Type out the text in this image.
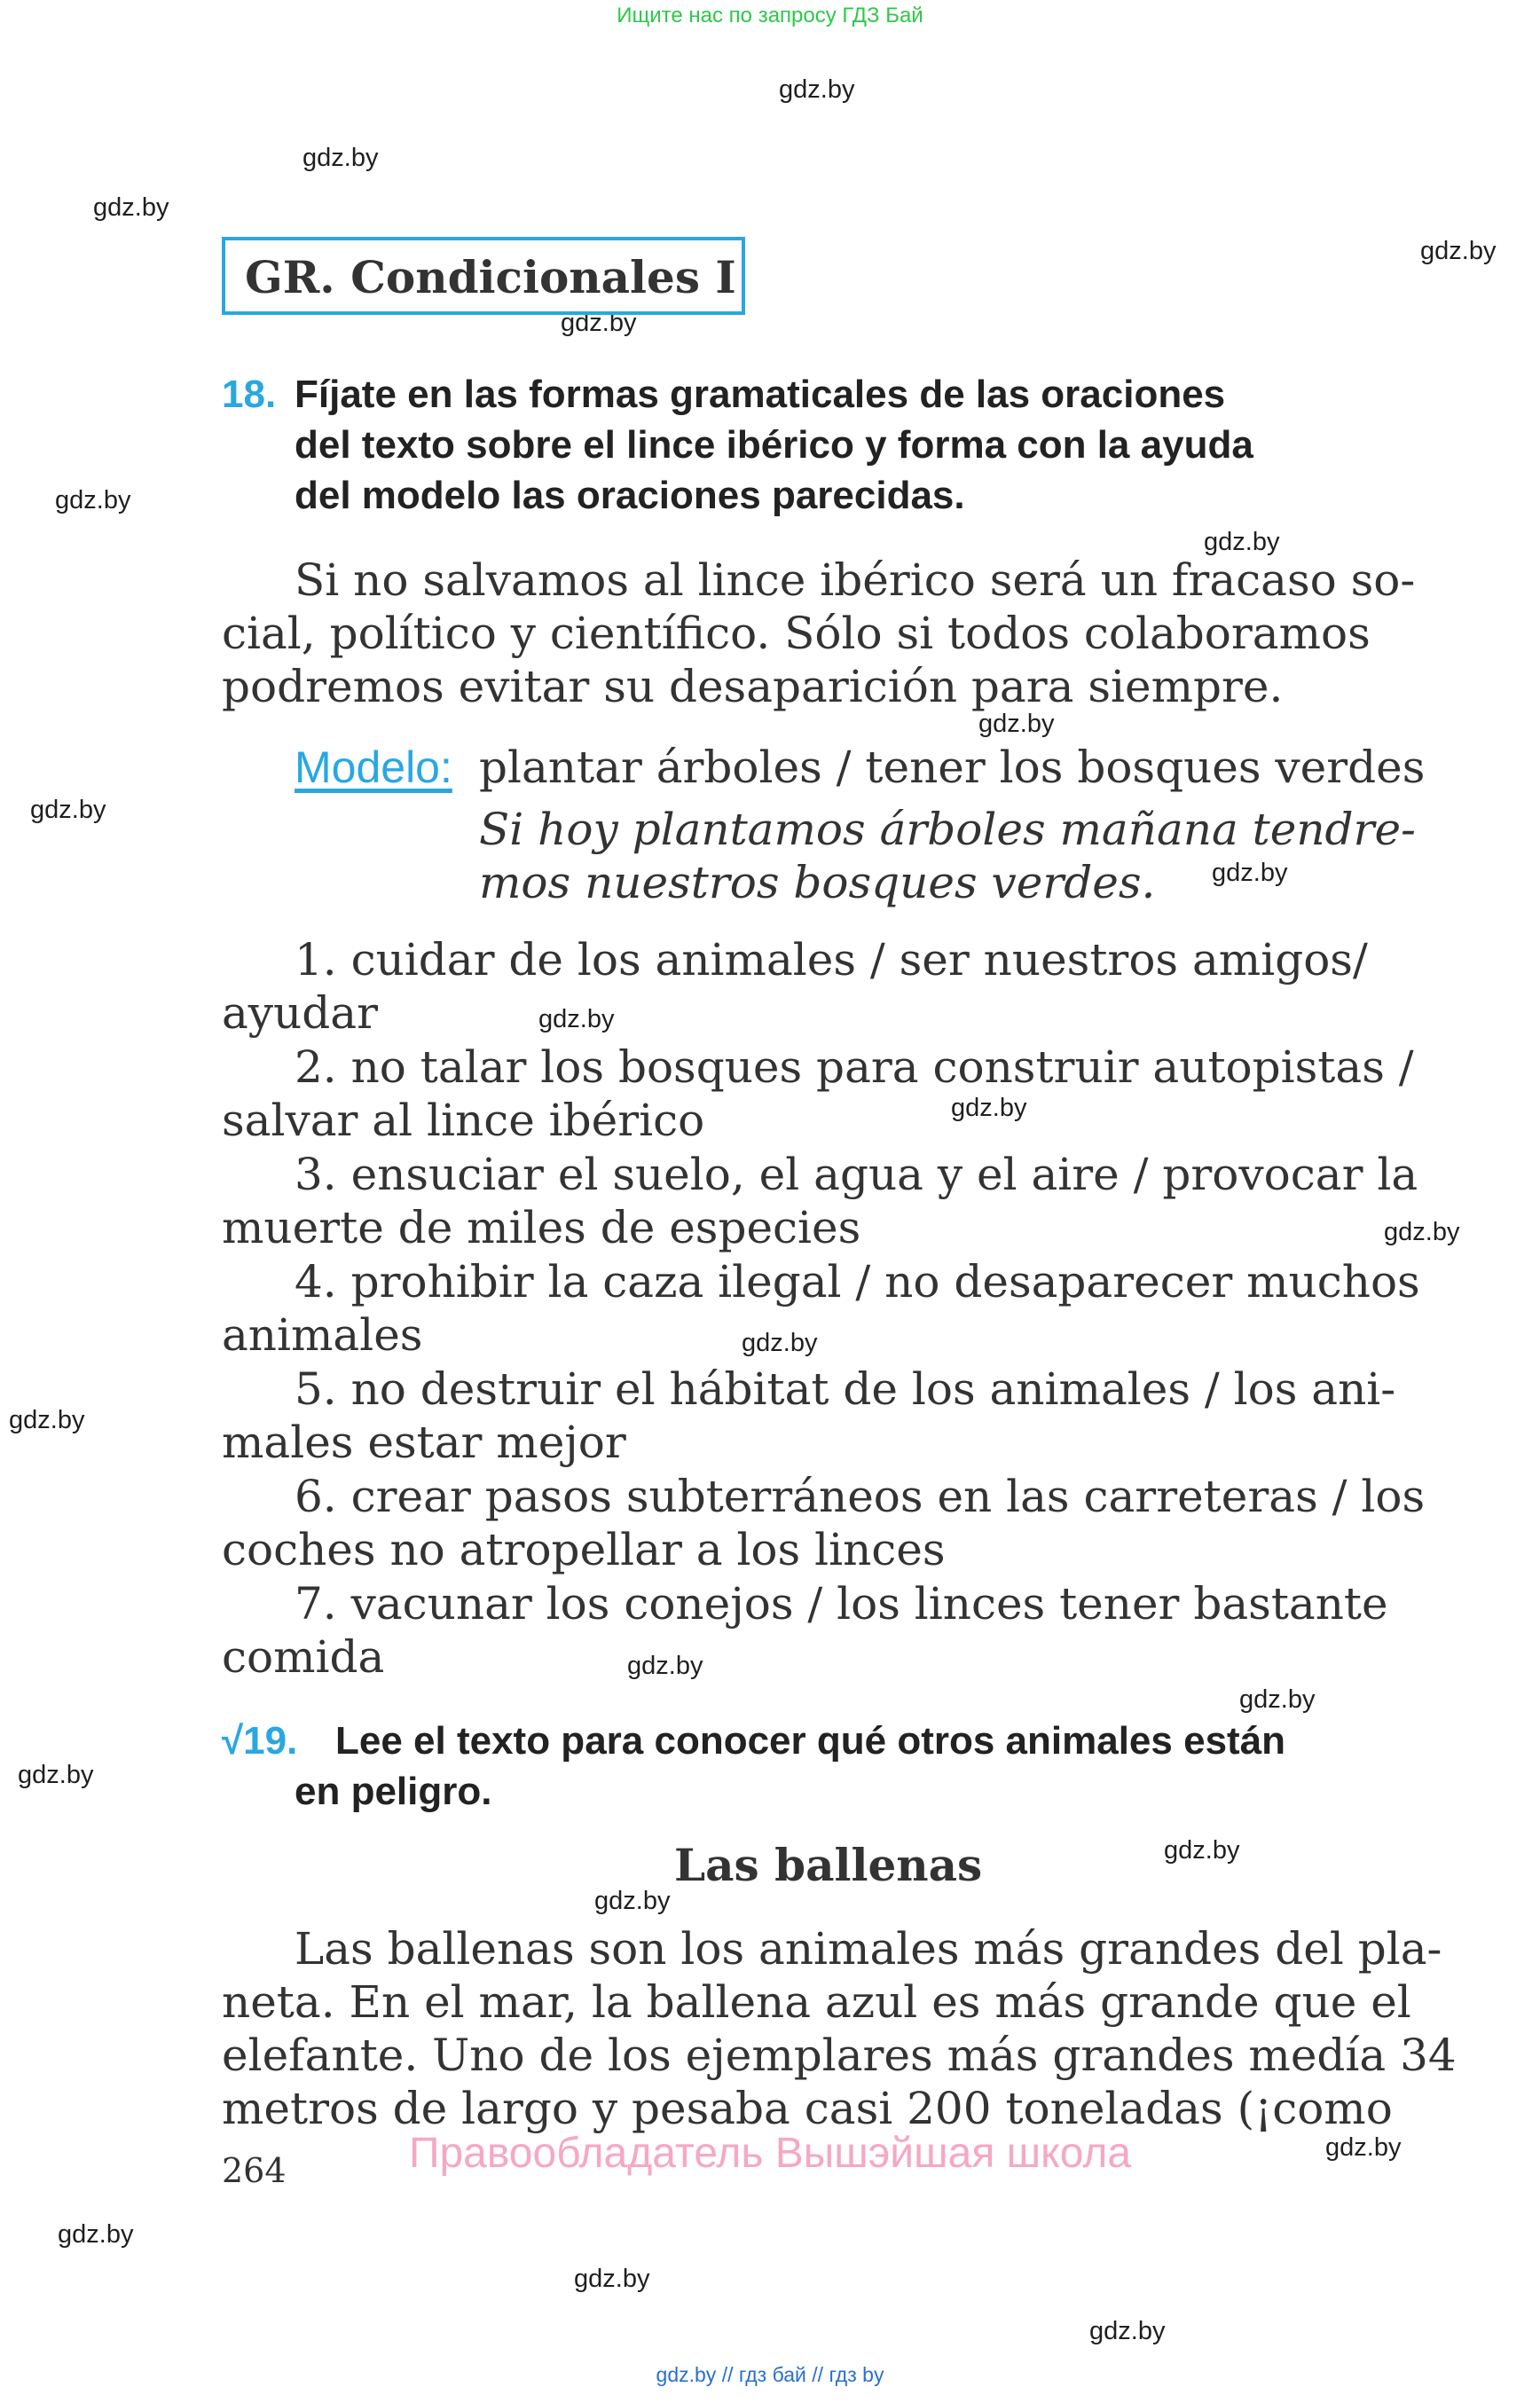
Ищите нас по запросу ГДЗ Бай
gdz.by
gdz.by
gdz.by
gdz.by
gdz.by
gdz.by
gdz.by
gdz.by
gdz.by
gdz.by
gdz.by
gdz.by
gdz.by
gdz.by
gdz.by
gdz.by
gdz.by
gdz.by
gdz.by
gdz.by
gdz.by
gdz.by
gdz.by
gdz.by
GR. Condicionales I
18. Fíjate en las formas gramaticales de las oraciones
del texto sobre el lince ibérico y forma con la ayuda
del modelo las oraciones parecidas.
Si no salvamos al lince ibérico será un fracaso so-
cial, político y científico. Sólo si todos colaboramos
podremos evitar su desaparición para siempre.
Modelo: plantar árboles / tener los bosques verdes
Si hoy plantamos árboles mañana tendre-
mos nuestros bosques verdes.
1. cuidar de los animales / ser nuestros amigos/
ayudar
2. no talar los bosques para construir autopistas /
salvar al lince ibérico
3. ensuciar el suelo, el agua y el aire / provocar la
muerte de miles de especies
4. prohibir la caza ilegal / no desaparecer muchos
animales
5. no destruir el hábitat de los animales / los ani-
males estar mejor
6. crear pasos subterráneos en las carreteras / los
coches no atropellar a los linces
7. vacunar los conejos / los linces tener bastante
comida
√19. Lee el texto para conocer qué otros animales están
en peligro.
Las ballenas
Las ballenas son los animales más grandes del pla-
neta. En el mar, la ballena azul es más grande que el
elefante. Uno de los ejemplares más grandes medía 34
metros de largo y pesaba casi 200 toneladas (¡como
264	Правообладатель Вышэйшая школа
gdz.by // гдз бай // гдз by
